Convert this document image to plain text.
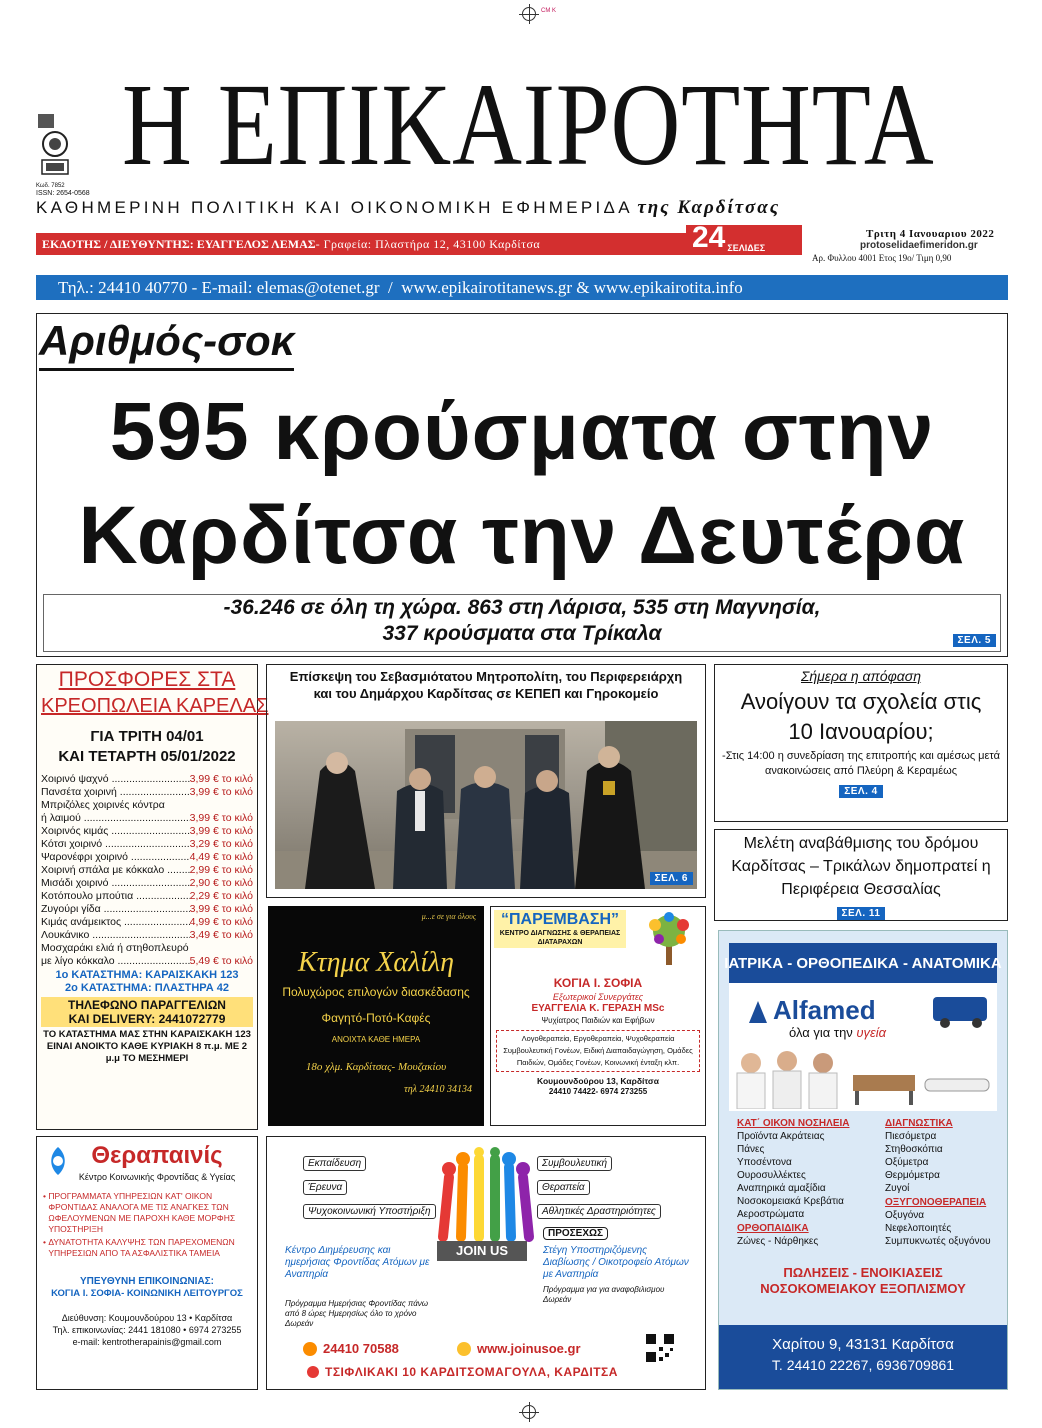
CM K
Κωδ. 7852
ISSN: 2654-0568
Η ΕΠΙΚΑΙΡΟΤΗΤΑ
ΚΑΘΗΜΕΡΙΝΗ ΠΟΛΙΤΙΚΗ ΚΑΙ ΟΙΚΟΝΟΜΙΚΗ ΕΦΗΜΕΡΙΔΑ της Καρδίτσας
ΕΚΔΟΤΗΣ / ΔΙΕΥΘΥΝΤΗΣ: ΕΥΑΓΓΕΛΟΣ ΛΕΜΑΣ - Γραφεία: Πλαστήρα 12, 43100 Καρδίτσα	24 ΣΕΛΙΔΕΣ
Τριτη 4 Ιανουαριου 2022
protoselidaefimeridon.gr
Αρ. Φυλλου 4001 Ετος 19ο/ Τιμη 0,90
Τηλ.: 24410 40770 - E-mail: elemas@otenet.gr  /  www.epikairotitanews.gr & www.epikairotita.info
Αριθμός-σοκ
595 κρούσματα στην
Καρδίτσα την Δευτέρα
-36.246 σε όλη τη χώρα. 863 στη Λάρισα, 535 στη Μαγνησία,
337 κρούσματα στα Τρίκαλα	ΣΕΛ. 5
ΠΡΟΣΦΟΡΕΣ ΣΤΑ
ΚΡΕΟΠΩΛΕΙΑ ΚΑΡΕΛΑΣ
ΓΙΑ ΤΡΙΤΗ 04/01
ΚΑΙ ΤΕΤΑΡΤΗ 05/01/2022
Χοιρινό ψαχνό .....	3,99 € το κιλό
Πανσέτα χοιρινή .....	3,99 € το κιλό
Μπριζόλες χοιρινές κόντρα
ή λαιμού .....	3,99 € το κιλό
Χοιρινός κιμάς .....	3,99 € το κιλό
Κότσι χοιρινό .....	3,29 € το κιλό
Ψαρονέφρι χοιρινό .....	4,49 € το κιλό
Χοιρινή σπάλα με κόκκαλο .....	2,99 € το κιλό
Μισάδι χοιρινό .....	2,90 € το κιλό
Κοτόπουλο μπούτια .....	2,29 € το κιλό
Ζυγούρι γίδα .....	3,99 € το κιλό
Κιμάς ανάμεικτος .....	4,99 € το κιλό
Λουκάνικο .....	3,49 € το κιλό
Μοσχαράκι ελιά ή στηθοπλευρό
με λίγο κόκκαλο .....	5,49 € το κιλό
1ο ΚΑΤΑΣΤΗΜΑ: ΚΑΡΑΙΣΚΑΚΗ 123
2ο ΚΑΤΑΣΤΗΜΑ: ΠΛΑΣΤΗΡΑ 42
ΤΗΛΕΦΩΝΟ ΠΑΡΑΓΓΕΛΙΩΝ
ΚΑΙ DELIVERY: 2441072779
ΤΟ ΚΑΤΑΣΤΗΜΑ ΜΑΣ ΣΤΗΝ ΚΑΡΑΙΣΚΑΚΗ 123 ΕΙΝΑΙ ΑΝΟΙΚΤΟ ΚΑΘΕ ΚΥΡΙΑΚΗ 8 π.μ. ΜΕ 2 μ.μ ΤΟ ΜΕΣΗΜΕΡΙ
Επίσκεψη του Σεβασμιότατου Μητροπολίτη, του Περιφερειάρχη και του Δημάρχου Καρδίτσας σε ΚΕΠΕΠ και Γηροκομείο
ΣΕΛ. 6
Σήμερα η απόφαση
Ανοίγουν τα σχολεία στις 10 Ιανουαρίου;
-Στις 14:00 η συνεδρίαση της επιτροπής και αμέσως μετά ανακοινώσεις από Πλεύρη & Κεραμέως
ΣΕΛ. 4
Μελέτη αναβάθμισης του δρόμου Καρδίτσας – Τρικάλων δημοπρατεί η Περιφέρεια Θεσσαλίας
ΣΕΛ. 11
μ...ε σε για όλους
Κτημα Χαλίλη
Πολυχώρος επιλογών διασκέδασης
Φαγητό-Ποτό-Καφές
ΑΝΟΙΧΤΑ ΚΑΘΕ ΗΜΕΡΑ
18ο χλμ. Καρδίτσας- Μουζακίου
τηλ 24410 34134
“ΠΑΡΕΜΒΑΣΗ”
ΚΕΝΤΡΟ ΔΙΑΓΝΩΣΗΣ & ΘΕΡΑΠΕΙΑΣ ΔΙΑΤΑΡΑΧΩΝ
ΚΟΓΙΑ Ι. ΣΟΦΙΑ
Εξωτερικοί Συνεργάτες
ΕΥΑΓΓΕΛΙΑ Κ. ΓΕΡΑΣΗ MSc
Ψυχίατρος Παιδιών και Εφήβων
Λογοθεραπεία, Εργοθεραπεία, Ψυχοθεραπεία Συμβουλευτική Γονέων, Ειδική Διαπαιδαγώγηση, Ομάδες Παιδιών, Ομάδες Γονέων, Κοινωνική ένταξη κλπ.
Κουμουνδούρου 13, Καρδίτσα
24410 74422- 6974 273255
ΙΑΤΡΙΚΑ - ΟΡΘΟΠΕΔΙΚΑ - ΑΝΑΤΟΜΙΚΑ
Alfamed
όλα για την υγεία
ΚΑΤ΄ ΟΙΚΟΝ ΝΟΣΗΛΕΙΑ
Προϊόντα Ακράτειας
Πάνες
Υποσέντονα
Ουροσυλλέκτες
Αναπηρικά αμαξίδια
Νοσοκομειακά Κρεβάτια
Αεροστρώματα
ΟΡΘΟΠΑΙΔΙΚΑ
Ζώνες - Νάρθηκες
ΔΙΑΓΝΩΣΤΙΚΑ
Πιεσόμετρα
Στηθοσκόπια
Οξύμετρα
Θερμόμετρα
Ζυγοί
ΟΞΥΓΟΝΟΘΕΡΑΠΕΙΑ
Οξυγόνα
Νεφελοποιητές
Συμπυκνωτές οξυγόνου
ΠΩΛΗΣΕΙΣ - ΕΝΟΙΚΙΑΣΕΙΣ
ΝΟΣΟΚΟΜΕΙΑΚΟΥ ΕΞΟΠΛΙΣΜΟΥ
Χαρίτου 9, 43131 Καρδίτσα
Τ. 24410 22267, 6936709861
Θεραπαινίς
Κέντρο Κοινωνικής Φροντίδας & Υγείας
• ΠΡΟΓΡΑΜΜΑΤΑ ΥΠΗΡΕΣΙΩΝ ΚΑΤ' ΟΙΚΟΝ ΦΡΟΝΤΙΔΑΣ ΑΝΑΛΟΓΑ ΜΕ ΤΙΣ ΑΝΑΓΚΕΣ ΤΩΝ ΩΦΕΛΟΥΜΕΝΩΝ ΜΕ ΠΑΡΟΧΗ ΚΑΘΕ ΜΟΡΦΗΣ ΥΠΟΣΤΗΡΙΞΗ
• ΔΥΝΑΤΟΤΗΤΑ ΚΑΛΥΨΗΣ ΤΩΝ ΠΑΡΕΧΟΜΕΝΩΝ ΥΠΗΡΕΣΙΩΝ ΑΠΟ ΤΑ ΑΣΦΑΛΙΣΤΙΚΑ ΤΑΜΕΙΑ
ΥΠΕΥΘΥΝΗ ΕΠΙΚΟΙΝΩΝΙΑΣ:
ΚΟΓΙΑ Ι. ΣΟΦΙΑ- ΚΟΙΝΩΝΙΚΗ ΛΕΙΤΟΥΡΓΟΣ
Διεύθυνση: Κουμουνδούρου 13 • Καρδίτσα
Τηλ. επικοινωνίας: 2441 181080 • 6974 273255
e-mail: kentrotherapainis@gmail.com
Εκπαίδευση
Έρευνα
Ψυχοκοινωνική Υποστήριξη

Συμβουλευτική
Θεραπεία
Αθλητικές Δραστηριότητες

JOIN US
Κέντρο Διημέρευσης και ημερήσιας Φροντίδας Ατόμων με Αναπηρία
Πρόγραμμα Ημερήσιας Φροντίδας πάνω από 8 ώρες Ημερησίως όλο το χρόνο Δωρεάν
ΠΡΟΣΕΧΩΣ
Στέγη Υποστηριζόμενης Διαβίωσης / Οικοτροφείο Ατόμων με Αναπηρία
Πρόγραμμα για για αναφοβιλισμου Δωρεάν
24410 70588	www.joinusoe.gr
ΤΣΙΦΛΙΚΑΚΙ 10 ΚΑΡΔΙΤΣΟΜΑΓΟΥΛΑ, ΚΑΡΔΙΤΣΑ
